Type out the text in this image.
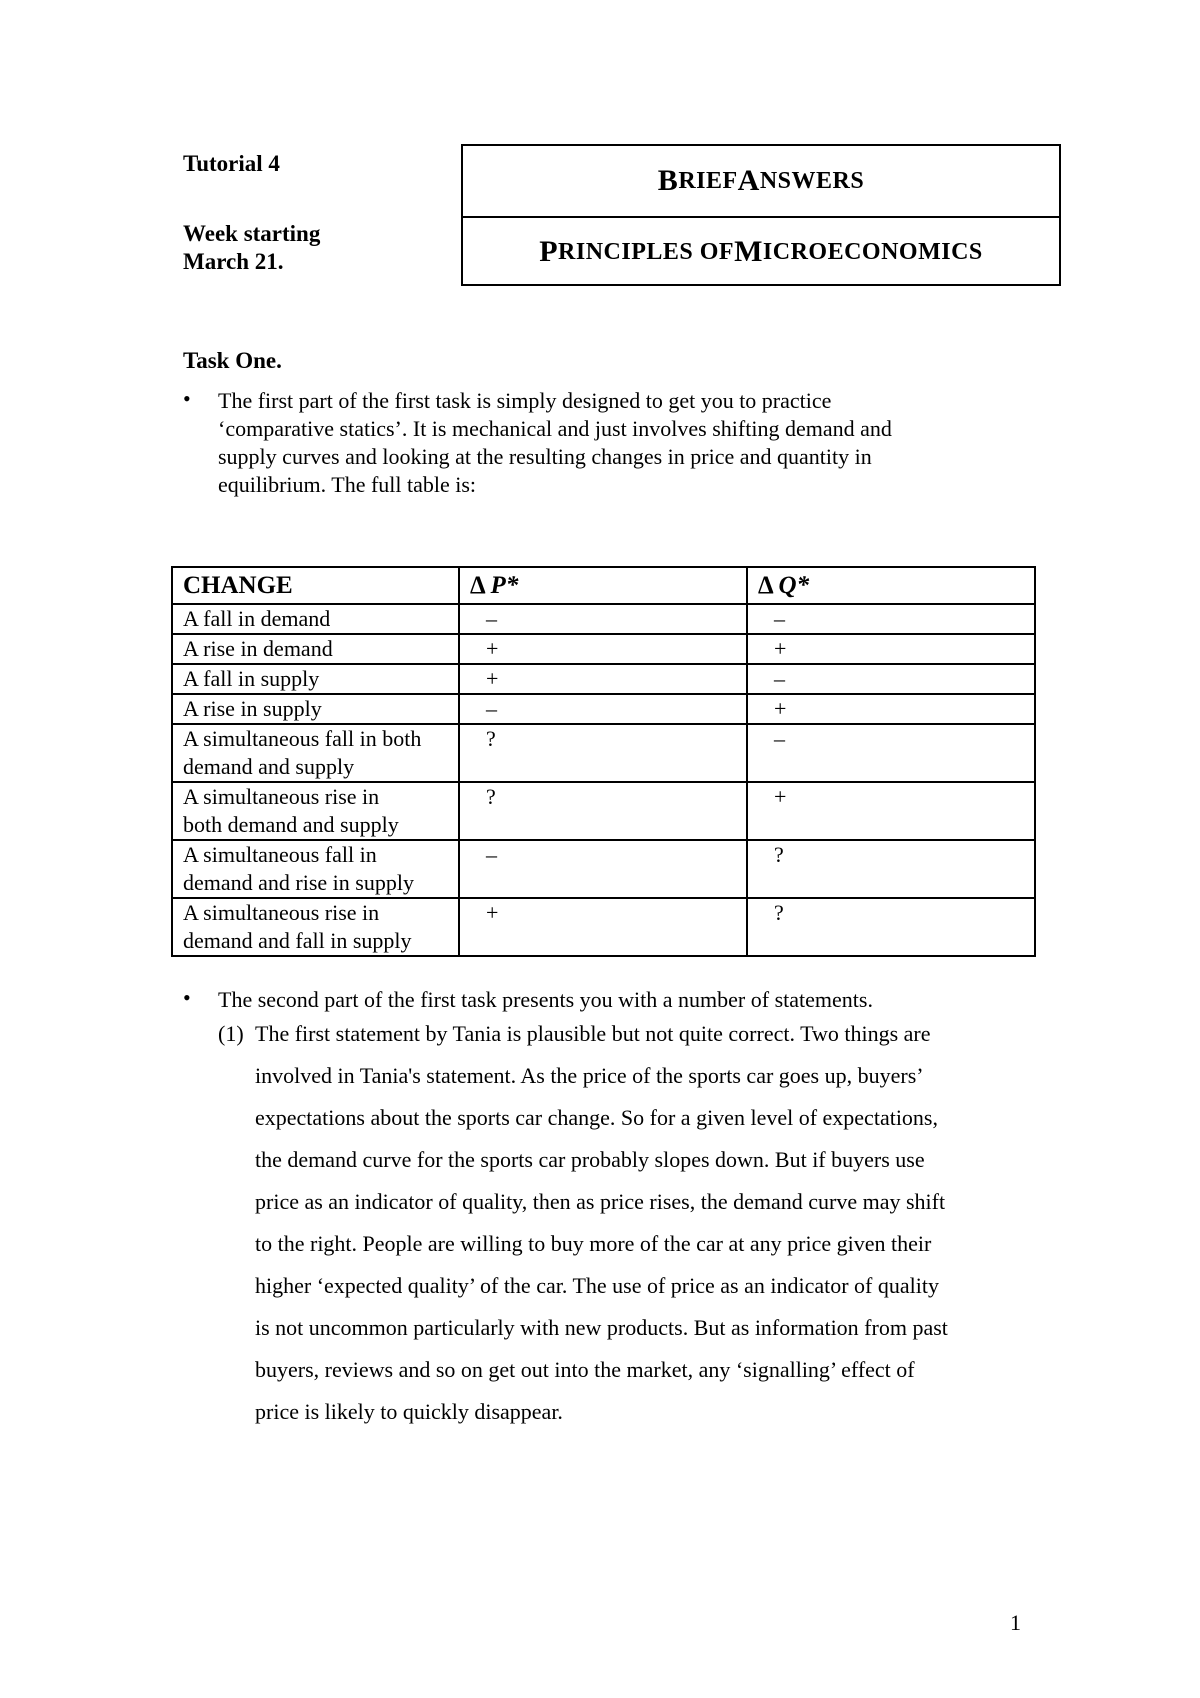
Tutorial 4
Week starting
March 21.
B RIEF A NSWERS
P RINCIPLES OF M ICROECONOMICS
Task One.
• The first part of the first task is simply designed to get you to practice
‘comparative statics’. It is mechanical and just involves shifting demand and
supply curves and looking at the resulting changes in price and quantity in
equilibrium. The full table is:
CHANGE	Δ P*	Δ Q*

A fall in demand	–	–

A rise in demand	+	+

A fall in supply	+	–

A rise in supply	–	+

A simultaneous fall in both
demand and supply	?	–

A simultaneous rise in
both demand and supply	?	+

A simultaneous fall in
demand and rise in supply	–	?

A simultaneous rise in
demand and fall in supply	+	?
• The second part of the first task presents you with a number of statements.
(1) The first statement by Tania is plausible but not quite correct. Two things are
involved in Tania's statement. As the price of the sports car goes up, buyers’
expectations about the sports car change. So for a given level of expectations,
the demand curve for the sports car probably slopes down. But if buyers use
price as an indicator of quality, then as price rises, the demand curve may shift
to the right. People are willing to buy more of the car at any price given their
higher ‘expected quality’ of the car. The use of price as an indicator of quality
is not uncommon particularly with new products. But as information from past
buyers, reviews and so on get out into the market, any ‘signalling’ effect of
price is likely to quickly disappear.
1
